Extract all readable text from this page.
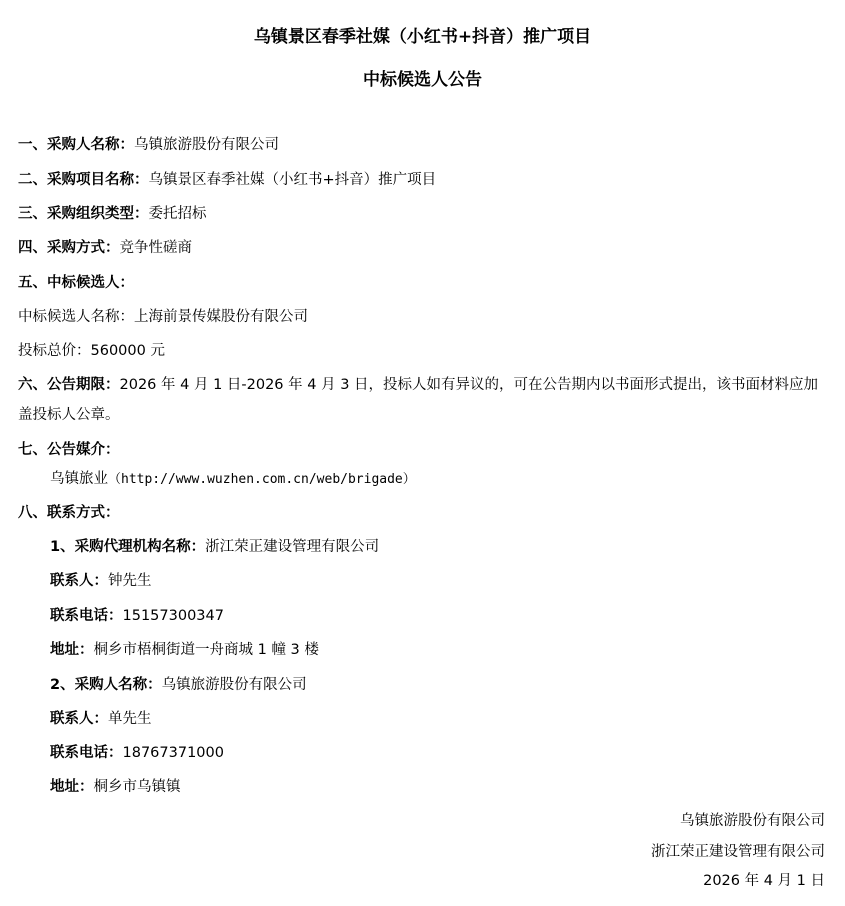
乌镇景区春季社媒（小红书+抖音）推广项目
中标候选人公告
一、采购人名称：乌镇旅游股份有限公司
二、采购项目名称：乌镇景区春季社媒（小红书+抖音）推广项目
三、采购组织类型：委托招标
四、采购方式：竞争性磋商
五、中标候选人：
中标候选人名称：上海前景传媒股份有限公司
投标总价：560000 元
六、公告期限：2026 年 4 月 1 日-2026 年 4 月 3 日，投标人如有异议的，可在公告期内以书面形式提出，该书面材料应加盖投标人公章。
七、公告媒介：
乌镇旅业（http://www.wuzhen.com.cn/web/brigade）
八、联系方式：
1、采购代理机构名称：浙江荣正建设管理有限公司
联系人：钟先生
联系电话：15157300347
地址：桐乡市梧桐街道一舟商城 1 幢 3 楼
2、采购人名称：乌镇旅游股份有限公司
联系人：单先生
联系电话：18767371000
地址：桐乡市乌镇镇
乌镇旅游股份有限公司
浙江荣正建设管理有限公司
2026 年 4 月 1 日
